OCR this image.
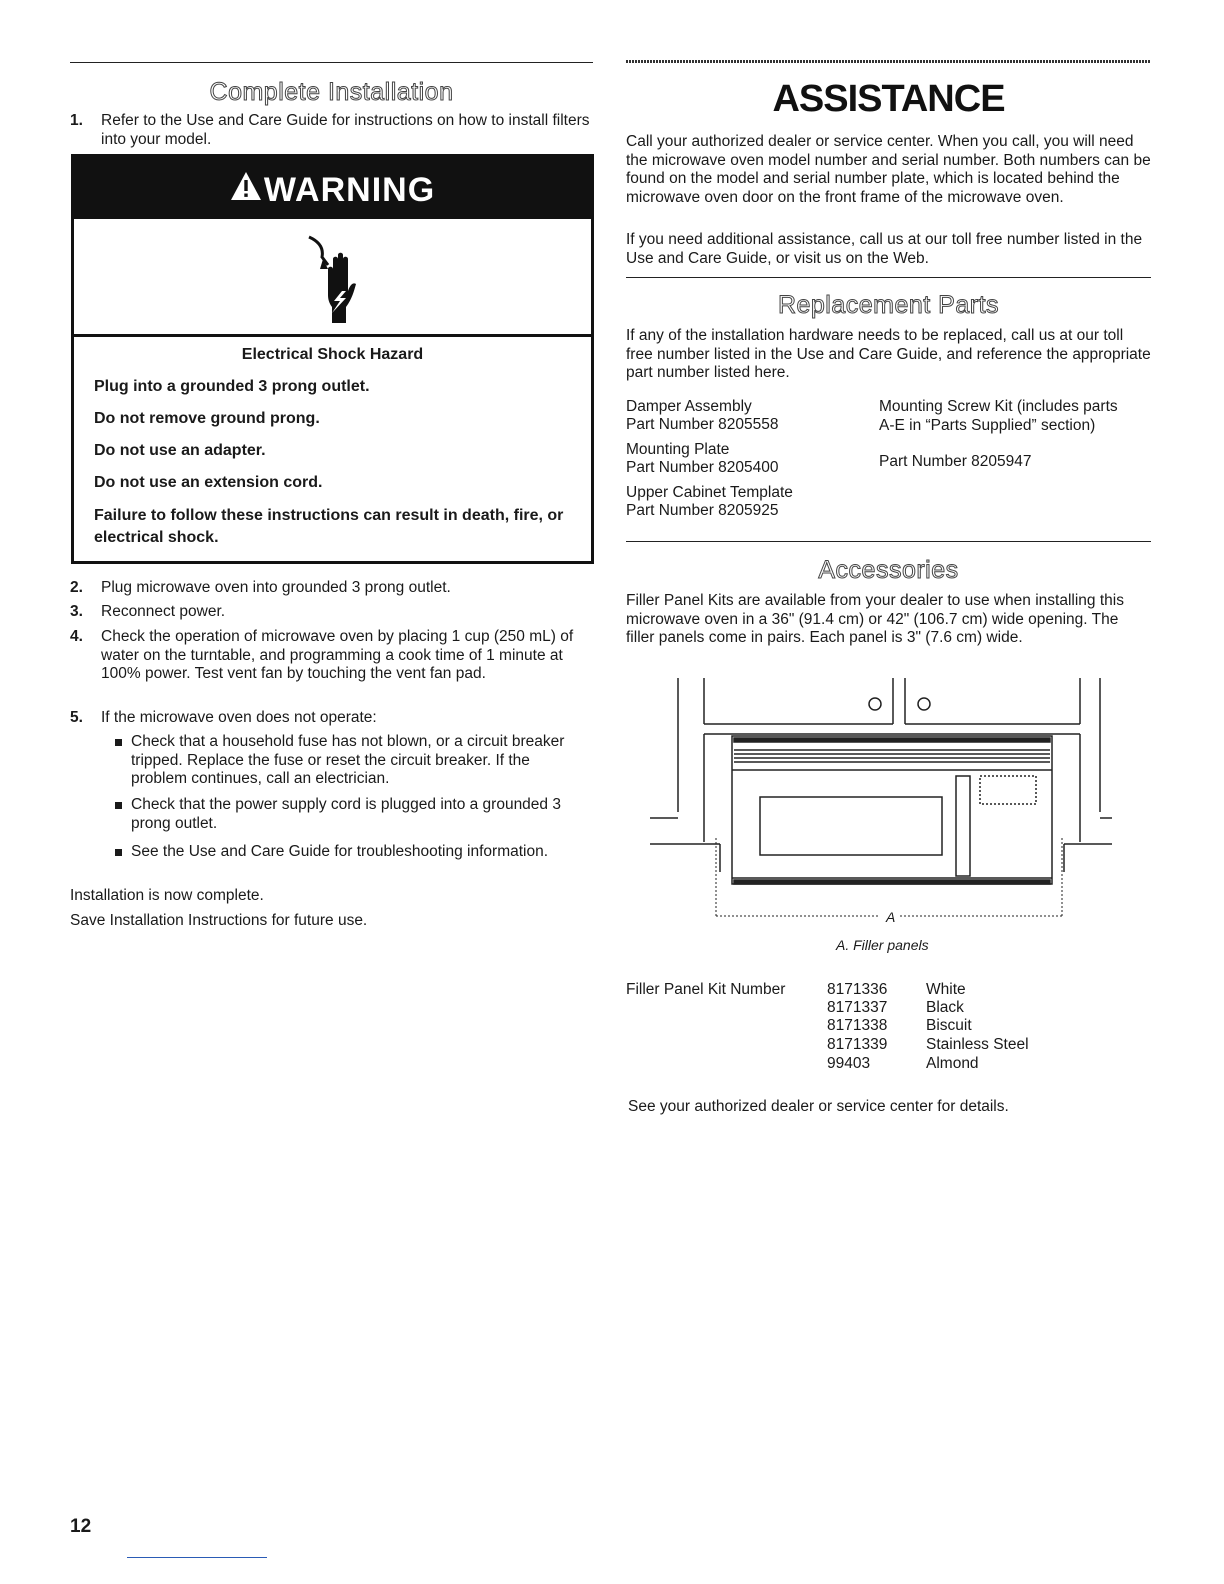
Complete Installation
1. Refer to the Use and Care Guide for instructions on how to install filters into your model.

WARNING
Electrical Shock Hazard
Plug into a grounded 3 prong outlet.
Do not remove ground prong.
Do not use an adapter.
Do not use an extension cord.
Failure to follow these instructions can result in death, fire, or electrical shock.
2. Plug microwave oven into grounded 3 prong outlet.

3. Reconnect power.

4. Check the operation of microwave oven by placing 1 cup (250 mL) of water on the turntable, and programming a cook time of 1 minute at 100% power. Test vent fan by touching the vent fan pad.

5. If the microwave oven does not operate:

Check that a household fuse has not blown, or a circuit breaker tripped. Replace the fuse or reset the circuit breaker. If the problem continues, call an electrician.

Check that the power supply cord is plugged into a grounded 3 prong outlet.

See the Use and Care Guide for troubleshooting information.

Installation is now complete.

Save Installation Instructions for future use.

ASSISTANCE

Call your authorized dealer or service center. When you call, you will need the microwave oven model number and serial number. Both numbers can be found on the model and serial number plate, which is located behind the microwave oven door on the front frame of the microwave oven.

If you need additional assistance, call us at our toll free number listed in the Use and Care Guide, or visit us on the Web.

Replacement Parts

If any of the installation hardware needs to be replaced, call us at our toll free number listed in the Use and Care Guide, and reference the appropriate part number listed here.

Damper Assembly

Part Number 8205558

Mounting Plate

Part Number 8205400

Upper Cabinet Template

Part Number 8205925

Mounting Screw Kit (includes parts A-E in “Parts Supplied” section)

Part Number 8205947

Accessories

Filler Panel Kits are available from your dealer to use when installing this microwave oven in a 36" (91.4 cm) or 42" (106.7 cm) wide opening. The filler panels come in pairs. Each panel is 3" (7.6 cm) wide.

A
A. Filler panels
Filler Panel Kit Number	8171336 White
8171337 Black
8171338 Biscuit
8171339 Stainless Steel
99403	Almond

See your authorized dealer or service center for details.

12
